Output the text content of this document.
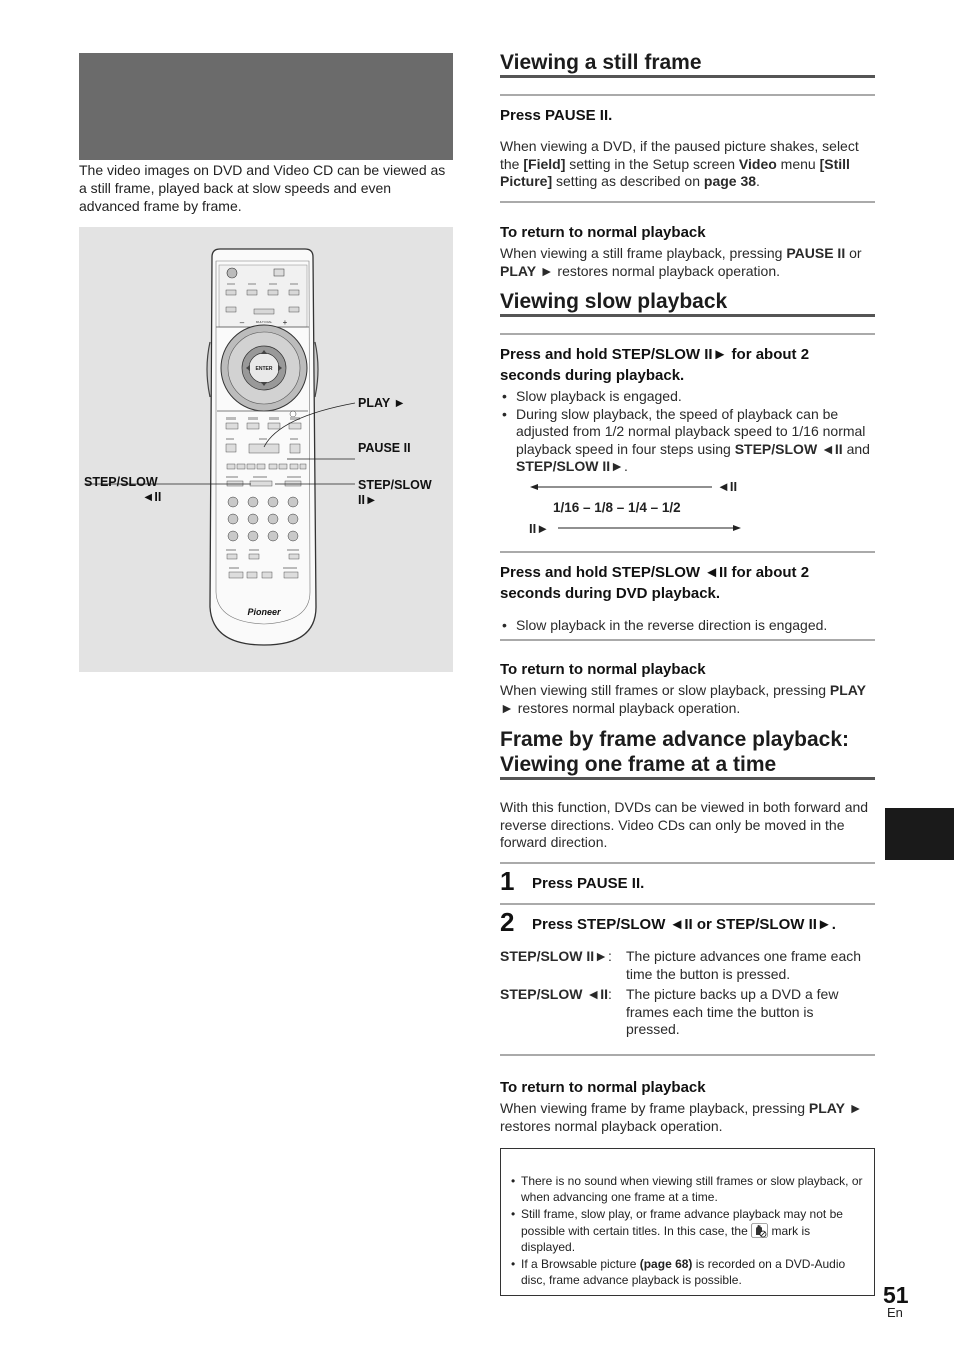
The video images on DVD and Video CD can be viewed as a still frame, played back at slow speeds and even advanced frame by frame.

MULTI DIAL
–	+
ENTER
Pioneer
PLAY ►
PAUSE II
STEP/SLOW
◄II
STEP/SLOW
II►
Viewing a still frame
Press PAUSE II.

When viewing a DVD, if the paused picture shakes, select the [Field] setting in the Setup screen Video menu [Still Picture] setting as described on page 38.

To return to normal playback

When viewing a still frame playback, pressing PAUSE II or PLAY ► restores normal playback operation.

Viewing slow playback
Press and hold STEP/SLOW II► for about 2 seconds during playback.
• Slow playback is engaged.
• During slow playback, the speed of playback can be adjusted from 1/2 normal playback speed to 1/16 normal playback speed in four steps using STEP/SLOW ◄II and STEP/SLOW II►.
◄II
1/16 – 1/8 – 1/4 – 1/2
II►
Press and hold STEP/SLOW ◄II for about 2 seconds during DVD playback.
• Slow playback in the reverse direction is engaged.
To return to normal playback

When viewing still frames or slow playback, pressing PLAY ► restores normal playback operation.

Frame by frame advance playback:
Viewing one frame at a time

With this function, DVDs can be viewed in both forward and reverse directions. Video CDs can only be moved in the forward direction.

1 Press PAUSE II.
2 Press STEP/SLOW ◄II or STEP/SLOW II►.
STEP/SLOW II►:	The picture advances one frame each time the button is pressed.
STEP/SLOW ◄II:	The picture backs up a DVD a few frames each time the button is pressed.
To return to normal playback

When viewing frame by frame playback, pressing PLAY ► restores normal playback operation.

• There is no sound when viewing still frames or slow playback, or when advancing one frame at a time.
• Still frame, slow play, or frame advance playback may not be possible with certain titles. In this case, the  mark is displayed.
• If a Browsable picture (page 68) is recorded on a DVD-Audio disc, frame advance playback is possible.
51
En
